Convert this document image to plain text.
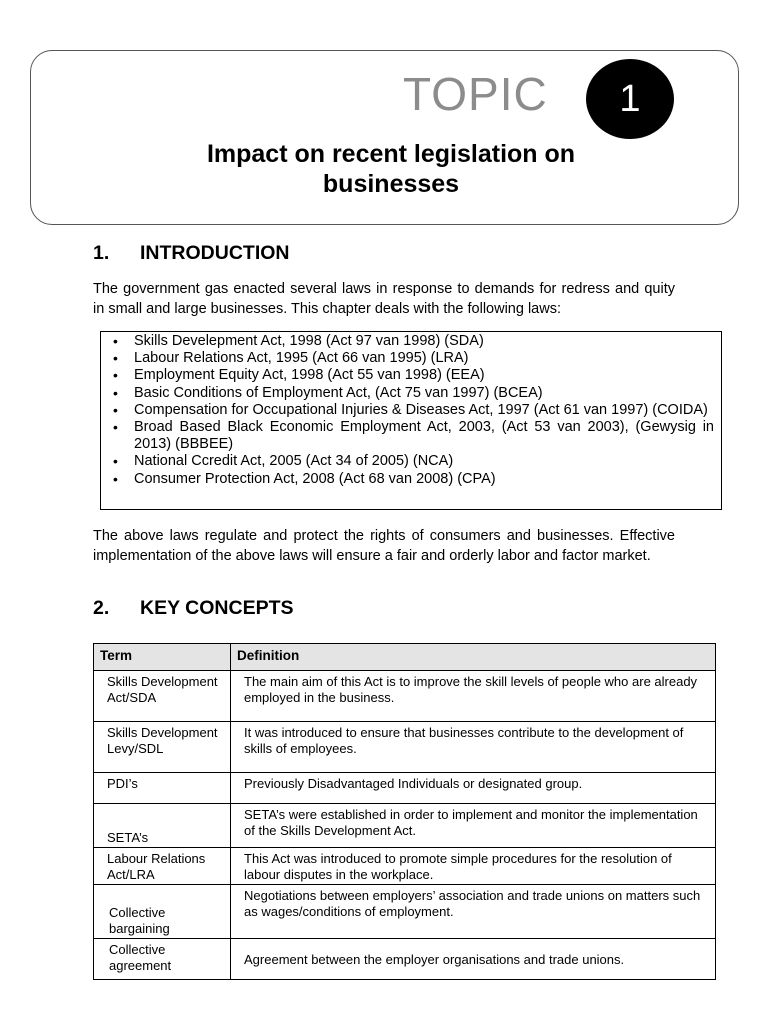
TOPIC	1
Impact on recent legislation on
businesses
1. INTRODUCTION
The government gas enacted several laws in response to demands for redress and quity in small and large businesses. This chapter deals with the following laws:
• Skills Develepment Act, 1998 (Act 97 van 1998) (SDA)
• Labour Relations Act, 1995 (Act 66 van 1995) (LRA)
• Employment Equity Act, 1998 (Act 55 van 1998) (EEA)
• Basic Conditions of Employment Act, (Act 75 van 1997) (BCEA)
• Compensation for Occupational Injuries & Diseases Act, 1997 (Act 61 van 1997) (COIDA)
• Broad Based Black Economic Employment Act, 2003, (Act 53 van 2003), (Gewysig in 2013) (BBBEE)
• National Ccredit Act, 2005 (Act 34 of 2005) (NCA)
• Consumer Protection Act, 2008 (Act 68 van 2008) (CPA)
The above laws regulate and protect the rights of consumers and businesses. Effective implementation of the above laws will ensure a fair and orderly labor and factor market.
2. KEY CONCEPTS
Term	Definition
Skills Development Act/SDA	The main aim of this Act is to improve the skill levels of people who are already employed in the business.
Skills Development Levy/SDL	It was introduced to ensure that businesses contribute to the development of skills of employees.
PDI’s	Previously Disadvantaged Individuals or designated group.
SETA’s	SETA’s were established in order to implement and monitor the implementation of the Skills Development Act.
Labour Relations Act/LRA	This Act was introduced to promote simple procedures for the resolution of labour disputes in the workplace.
Collective bargaining	Negotiations between employers’ association and trade unions on matters such as wages/conditions of employment.
Collective agreement	Agreement between the employer organisations and trade unions.
